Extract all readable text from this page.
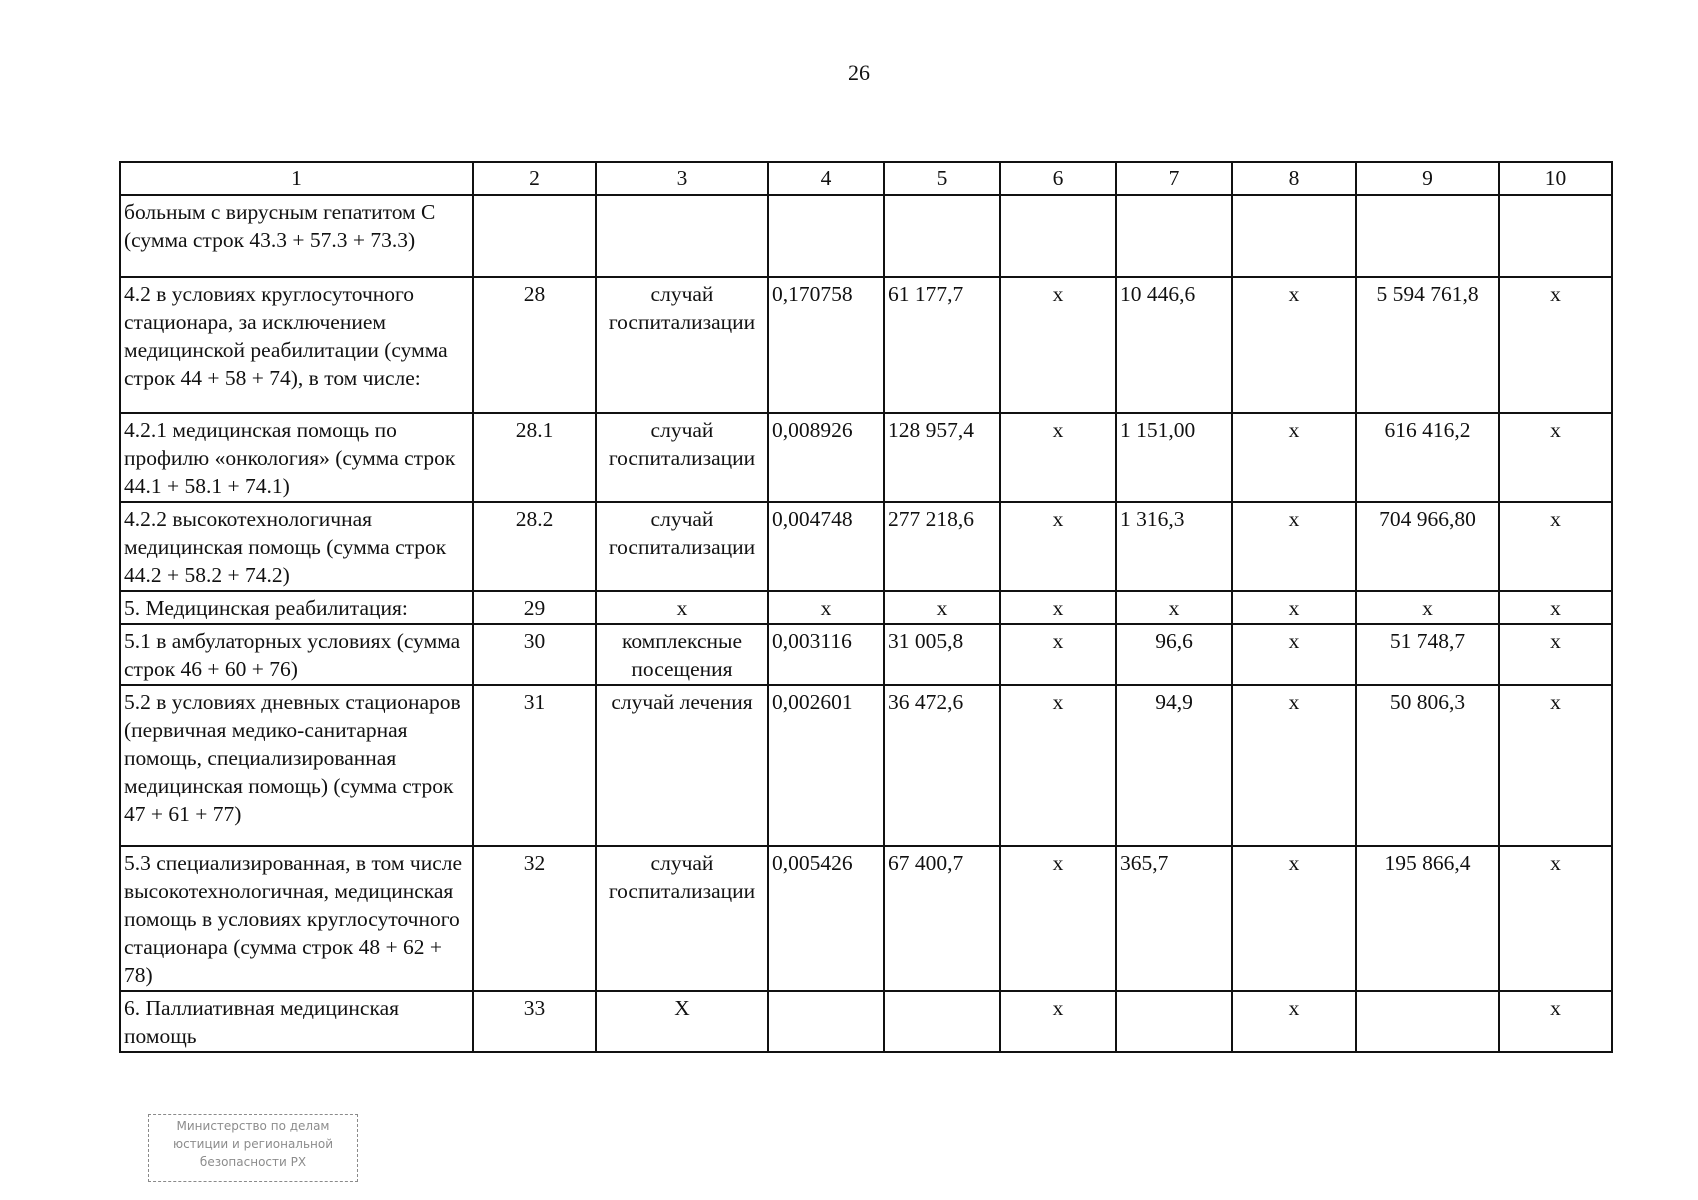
26
1	2	3	4	5	6	7	8	9	10
больным с вирусным гепатитом С (сумма строк 43.3 + 57.3 + 73.3)									
4.2 в условиях круглосуточного стационара, за исключением медицинской реабилитации (сумма строк 44 + 58 + 74), в том числе:	28	случай госпитализации	0,170758	61 177,7	х	10 446,6	х	5 594 761,8	х
4.2.1 медицинская помощь по профилю «онкология» (сумма строк 44.1 + 58.1 + 74.1)	28.1	случай госпитализации	0,008926	128 957,4	х	1 151,00	х	616 416,2	х
4.2.2 высокотехнологичная медицинская помощь (сумма строк 44.2 + 58.2 + 74.2)	28.2	случай госпитализации	0,004748	277 218,6	х	1 316,3	х	704 966,80	х
5. Медицинская реабилитация:	29	х	х	х	х	х	х	х	х
5.1 в амбулаторных условиях (сумма строк 46 + 60 + 76)	30	комплексные посещения	0,003116	31 005,8	х	96,6	х	51 748,7	х
5.2 в условиях дневных стационаров (первичная медико-санитарная помощь, специализированная медицинская помощь) (сумма строк 47 + 61 + 77)	31	случай лечения	0,002601	36 472,6	х	94,9	х	50 806,3	х
5.3 специализированная, в том числе высокотехнологичная, медицинская помощь в условиях круглосуточного стационара (сумма строк 48 + 62 + 78)	32	случай госпитализации	0,005426	67 400,7	х	365,7	х	195 866,4	х
6. Паллиативная медицинская помощь	33	Х			х		х		х
Министерство по делам
юстиции и региональной
безопасности РХ
